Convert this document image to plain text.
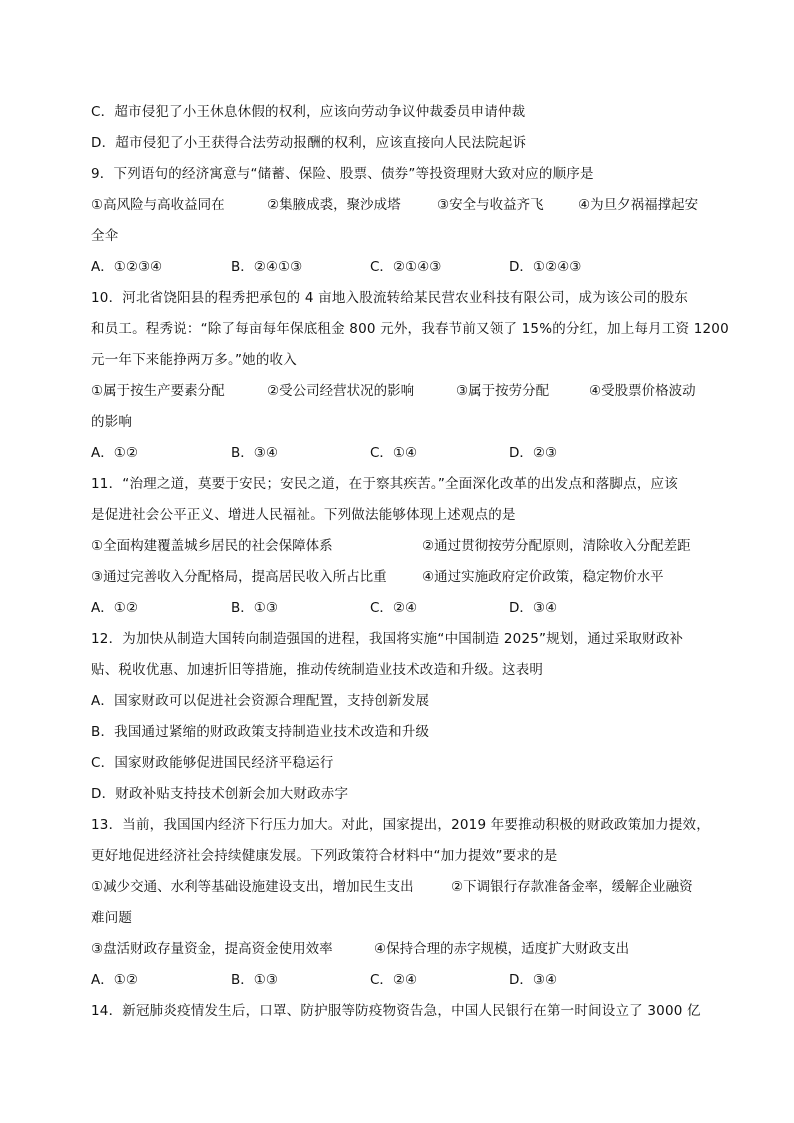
C．超市侵犯了小王休息休假的权利，应该向劳动争议仲裁委员申请仲裁
D．超市侵犯了小王获得合法劳动报酬的权利，应该直接向人民法院起诉
9．下列语句的经济寓意与“储蓄、保险、股票、债券”等投资理财大致对应的顺序是
①高风险与高收益同在	②集腋成裘，聚沙成塔	③安全与收益齐飞	④为旦夕祸福撑起安
全伞
A．①②③④	B．②④①③	C．②①④③	D．①②④③
10．河北省饶阳县的程秀把承包的 4 亩地入股流转给某民营农业科技有限公司，成为该公司的股东
和员工。程秀说：“除了每亩每年保底租金 800 元外，我春节前又领了 15%的分红，加上每月工资 1200
元一年下来能挣两万多。”她的收入
①属于按生产要素分配	②受公司经营状况的影响	③属于按劳分配	④受股票价格波动
的影响
A．①②	B．③④	C．①④	D．②③
11．“治理之道，莫要于安民；安民之道，在于察其疾苦。”全面深化改革的出发点和落脚点，应该
是促进社会公平正义、增进人民福祉。下列做法能够体现上述观点的是
①全面构建覆盖城乡居民的社会保障体系	②通过贯彻按劳分配原则，清除收入分配差距
③通过完善收入分配格局，提高居民收入所占比重	④通过实施政府定价政策，稳定物价水平
A．①②	B．①③	C．②④	D．③④
12．为加快从制造大国转向制造强国的进程，我国将实施“中国制造 2025”规划，通过采取财政补
贴、税收优惠、加速折旧等措施，推动传统制造业技术改造和升级。这表明
A．国家财政可以促进社会资源合理配置，支持创新发展
B．我国通过紧缩的财政政策支持制造业技术改造和升级
C．国家财政能够促进国民经济平稳运行
D．财政补贴支持技术创新会加大财政赤字
13．当前，我国国内经济下行压力加大。对此，国家提出，2019 年要推动积极的财政政策加力提效，
更好地促进经济社会持续健康发展。下列政策符合材料中“加力提效”要求的是
①减少交通、水利等基础设施建设支出，增加民生支出	②下调银行存款准备金率，缓解企业融资
难问题
③盘活财政存量资金，提高资金使用效率	④保持合理的赤字规模，适度扩大财政支出
A．①②	B．①③	C．②④	D．③④
14．新冠肺炎疫情发生后，口罩、防护服等防疫物资告急，中国人民银行在第一时间设立了 3000 亿
